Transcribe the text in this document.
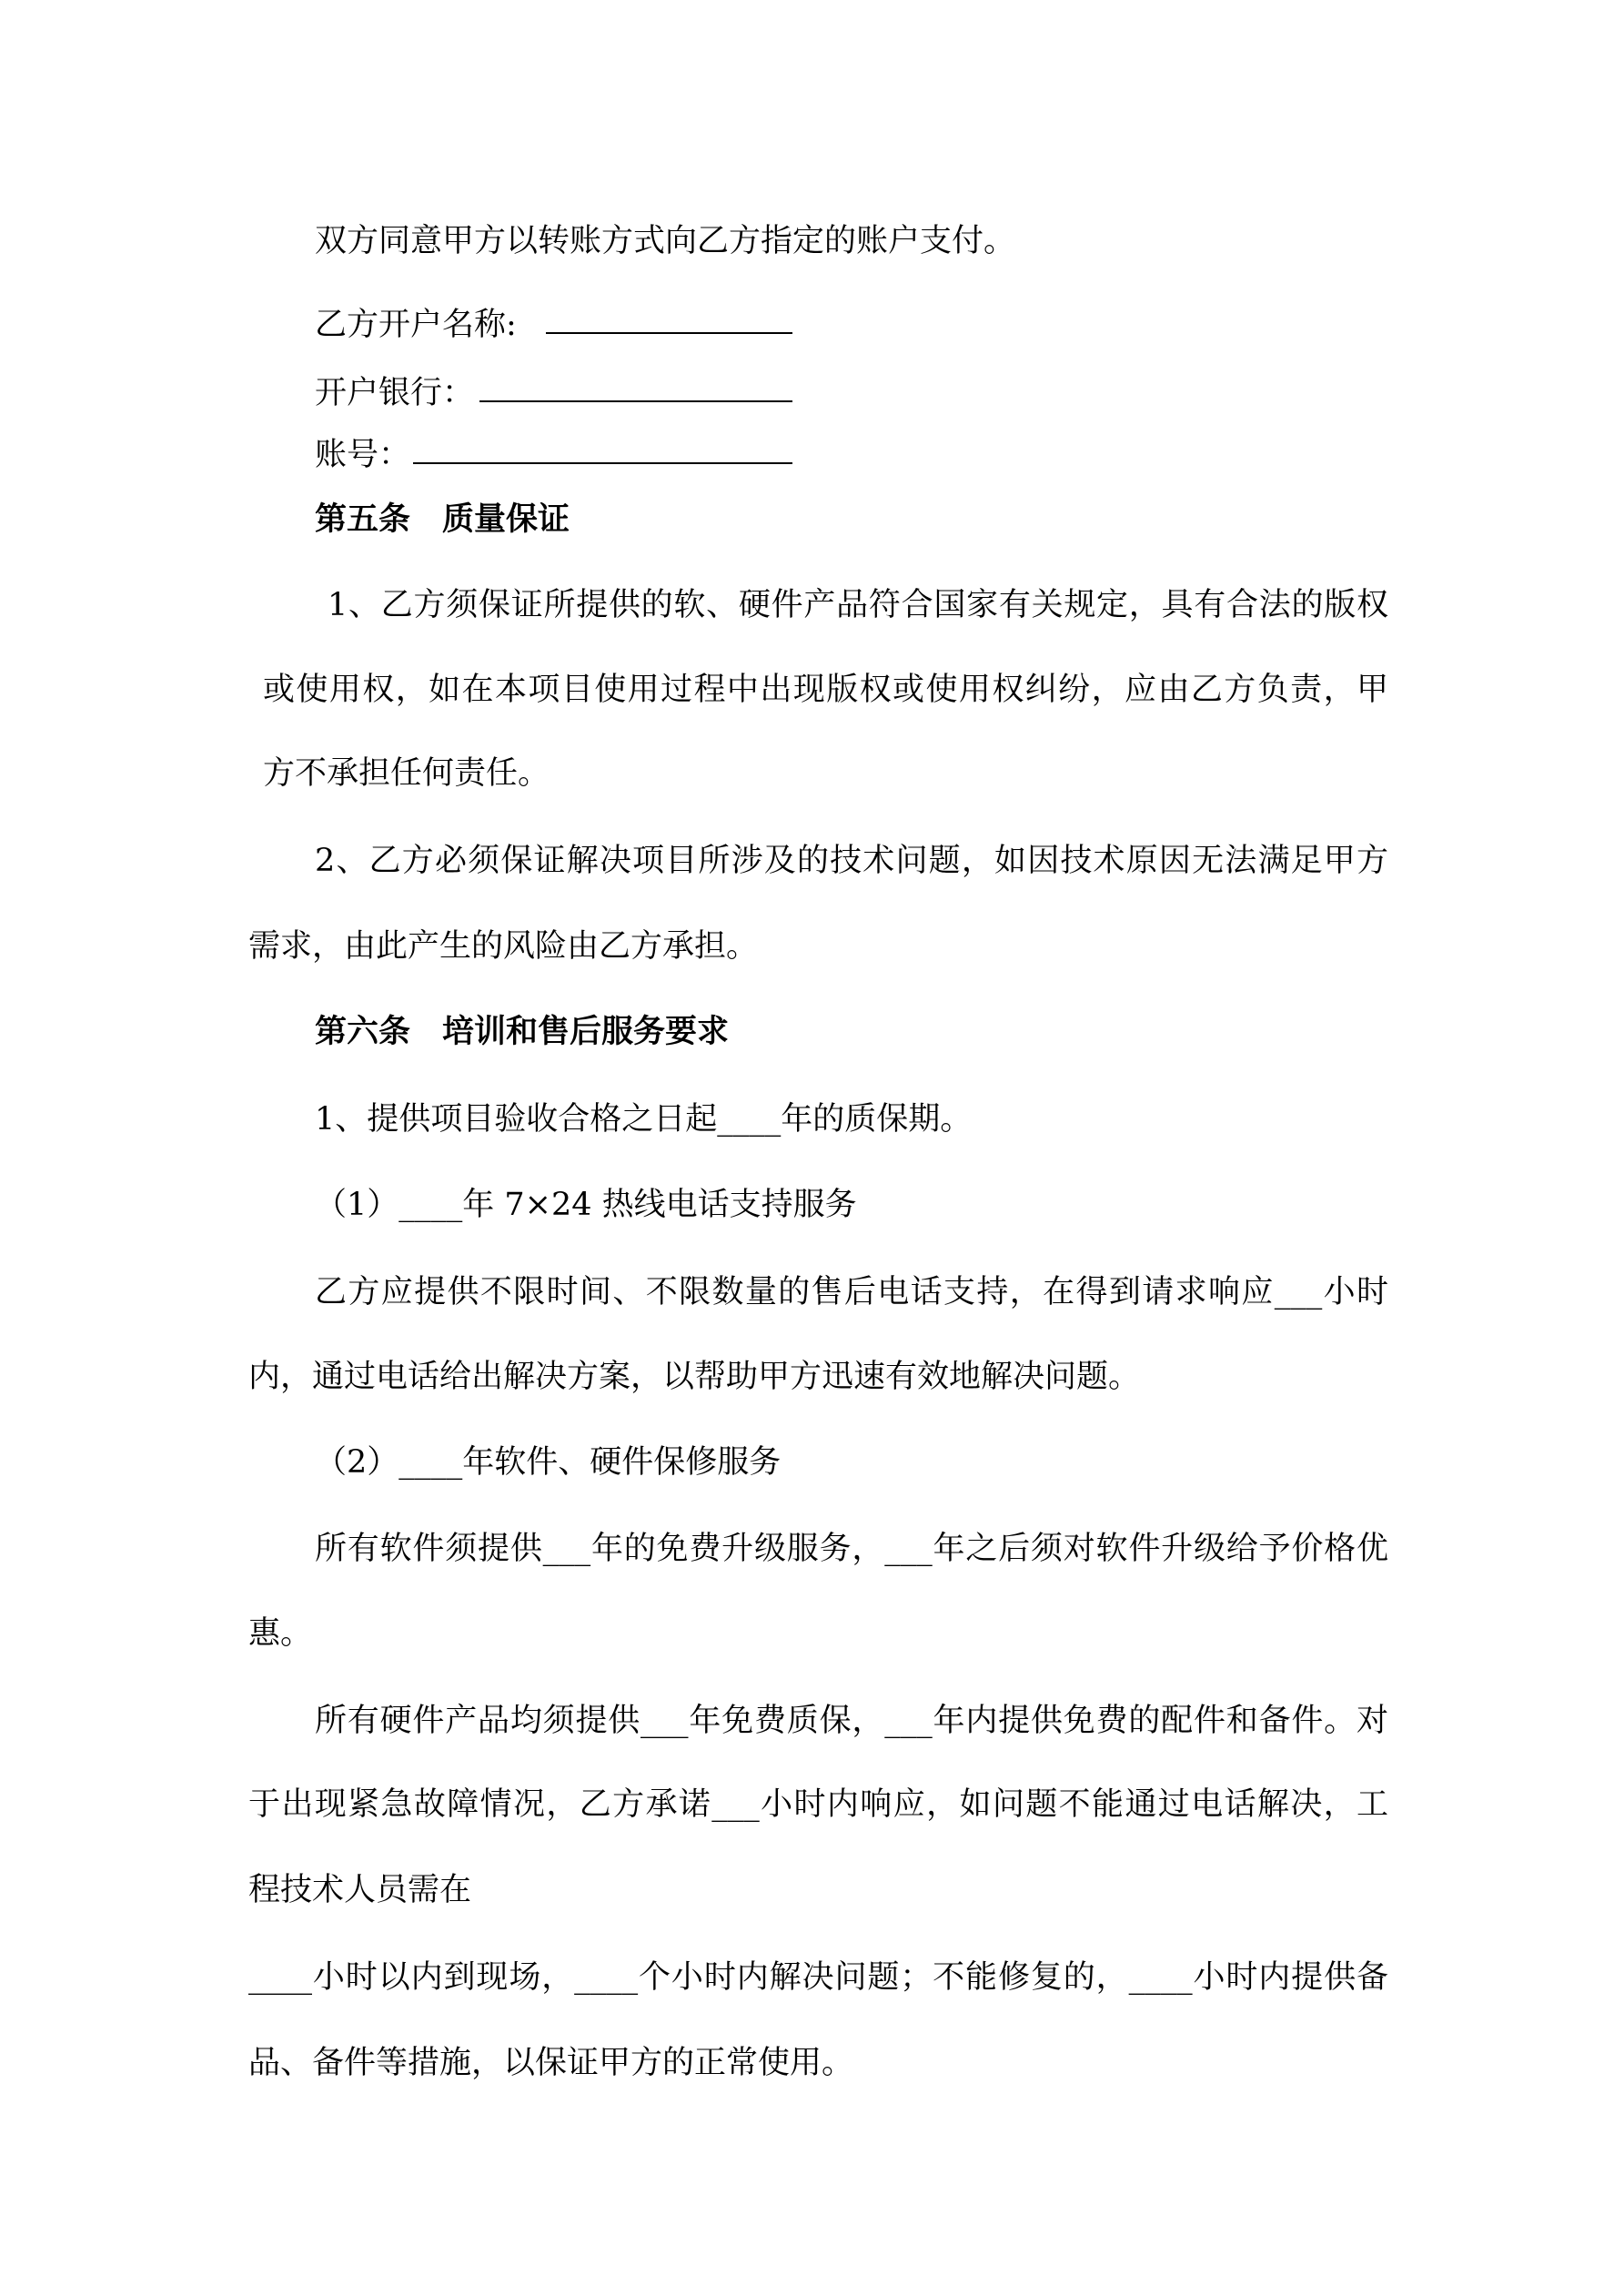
双方同意甲方以转账方式向乙方指定的账户支付。
乙方开户名称:
开户银行：
账号：
第五条　质量保证
1、乙方须保证所提供的软、硬件产品符合国家有关规定，具有合法的版权
或使用权，如在本项目使用过程中出现版权或使用权纠纷，应由乙方负责，甲
方不承担任何责任。
2、乙方必须保证解决项目所涉及的技术问题，如因技术原因无法满足甲方
需求，由此产生的风险由乙方承担。
第六条　培训和售后服务要求
1、提供项目验收合格之日起____年的质保期。
（1）____年 7×24 热线电话支持服务
乙方应提供不限时间、不限数量的售后电话支持，在得到请求响应___小时
内，通过电话给出解决方案，以帮助甲方迅速有效地解决问题。
（2）____年软件、硬件保修服务
所有软件须提供___年的免费升级服务，___年之后须对软件升级给予价格优
惠。
所有硬件产品均须提供___年免费质保，___年内提供免费的配件和备件。对
于出现紧急故障情况，乙方承诺___小时内响应，如问题不能通过电话解决，工
程技术人员需在
____小时以内到现场，____个小时内解决问题；不能修复的，____小时内提供备
品、备件等措施，以保证甲方的正常使用。
